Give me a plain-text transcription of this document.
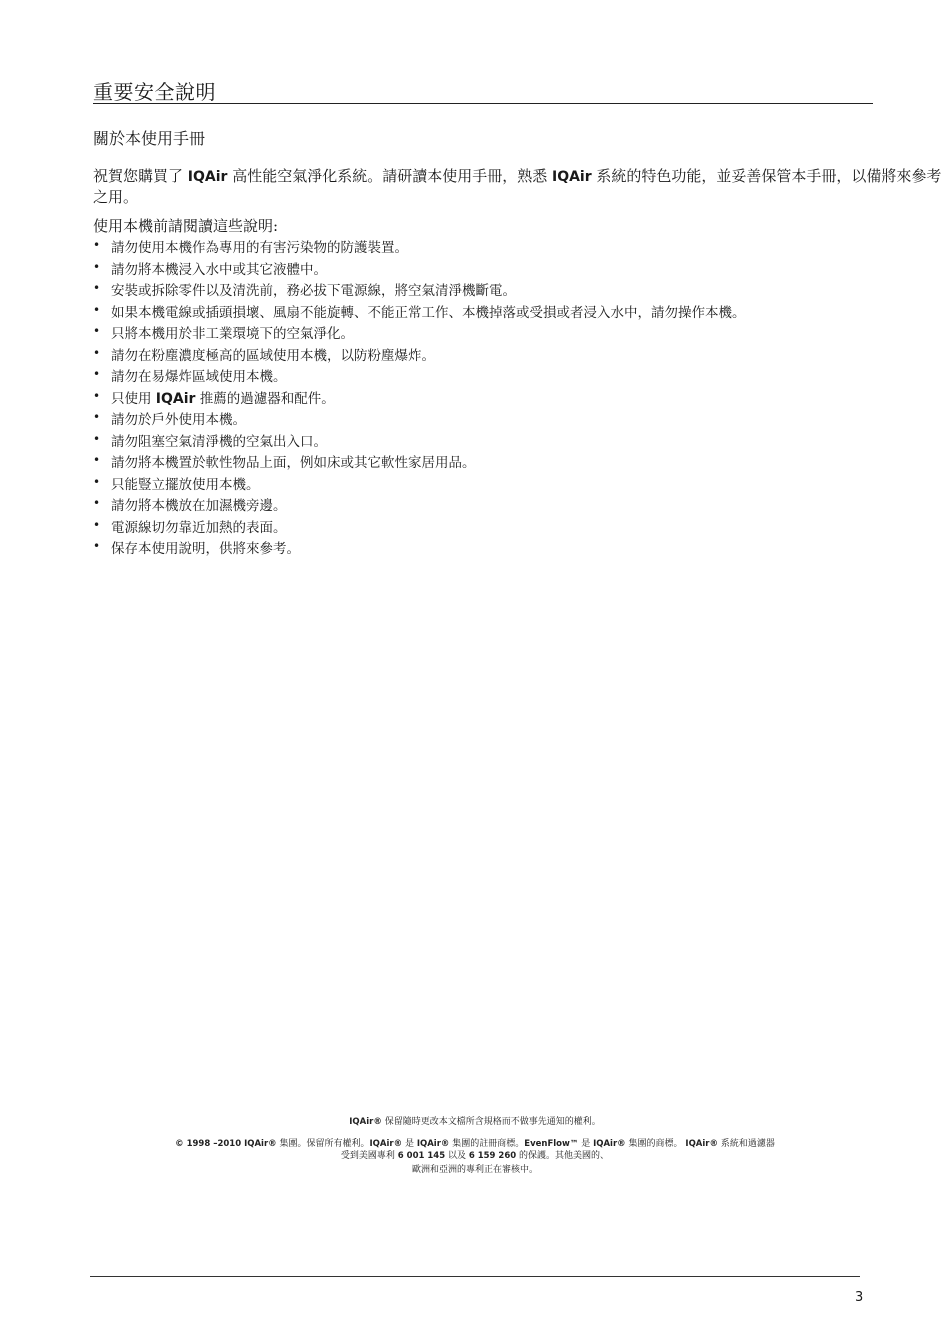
重要安全說明
關於本使用手冊
祝賀您購買了 IQAir 高性能空氣淨化系統。請研讀本使用手冊，熟悉 IQAir 系統的特色功能，並妥善保管本手冊，以備將來參考之用。
使用本機前請閱讀這些說明:
• 請勿使用本機作為專用的有害污染物的防護裝置。
• 請勿將本機浸入水中或其它液體中。
• 安裝或拆除零件以及清洗前，務必拔下電源線，將空氣清淨機斷電。
• 如果本機電線或插頭損壞、風扇不能旋轉、不能正常工作、本機掉落或受損或者浸入水中，請勿操作本機。
• 只將本機用於非工業環境下的空氣淨化。
• 請勿在粉塵濃度極高的區域使用本機，以防粉塵爆炸。
• 請勿在易爆炸區域使用本機。
• 只使用 IQAir 推薦的過濾器和配件。
• 請勿於戶外使用本機。
• 請勿阻塞空氣清淨機的空氣出入口。
• 請勿將本機置於軟性物品上面，例如床或其它軟性家居用品。
• 只能豎立擺放使用本機。
• 請勿將本機放在加濕機旁邊。
• 電源線切勿靠近加熱的表面。
• 保存本使用說明，供將來參考。
IQAir® 保留隨時更改本文檔所含規格而不做事先通知的權利。
© 1998 –2010 IQAir® 集團。保留所有權利。IQAir® 是 IQAir® 集團的註冊商標。EvenFlow™ 是 IQAir® 集團的商標。 IQAir® 系統和過濾器
受到美國專利 6 001 145 以及 6 159 260 的保護。其他美國的、
歐洲和亞洲的專利正在審核中。
3
